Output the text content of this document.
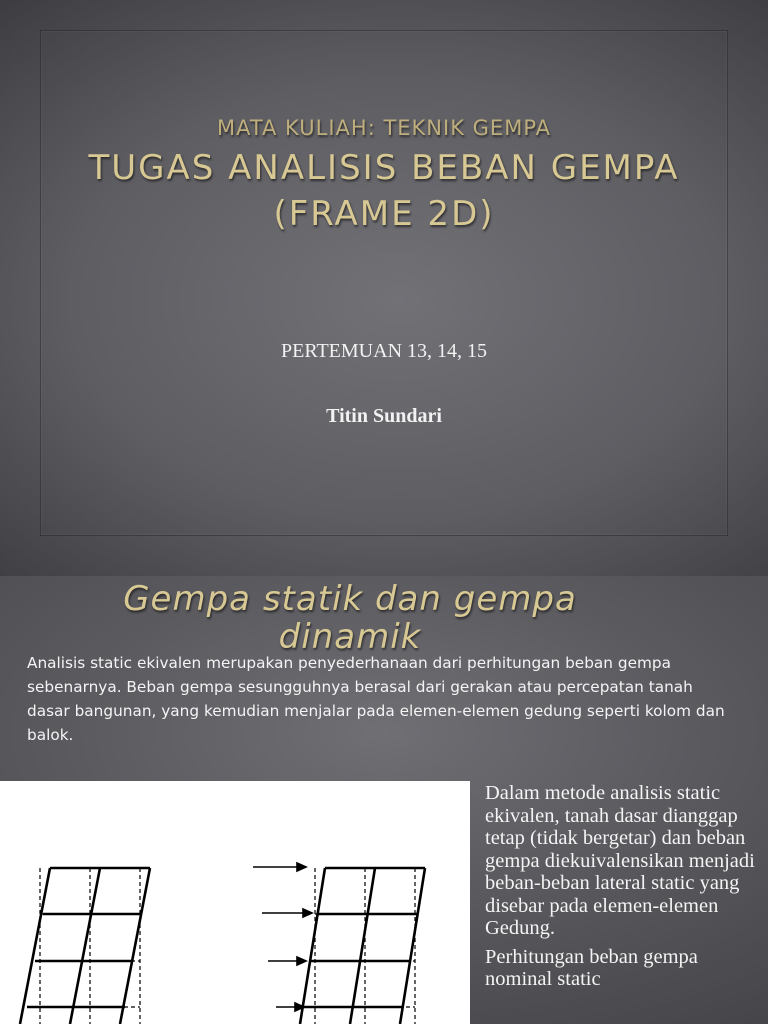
MATA KULIAH: TEKNIK GEMPA
TUGAS ANALISIS BEBAN GEMPA
(FRAME 2D)
PERTEMUAN 13, 14, 15
Titin Sundari
Gempa statik dan gempa dinamik
Analisis static ekivalen merupakan penyederhanaan dari perhitungan beban gempa sebenarnya. Beban gempa sesungguhnya berasal dari gerakan atau percepatan tanah dasar bangunan, yang kemudian menjalar pada elemen-elemen gedung seperti kolom dan balok.

Dalam metode analisis static ekivalen, tanah dasar dianggap tetap (tidak bergetar) dan beban gempa diekuivalensikan menjadi beban-beban lateral static yang disebar pada elemen-elemen Gedung.

Perhitungan beban gempa nominal static
